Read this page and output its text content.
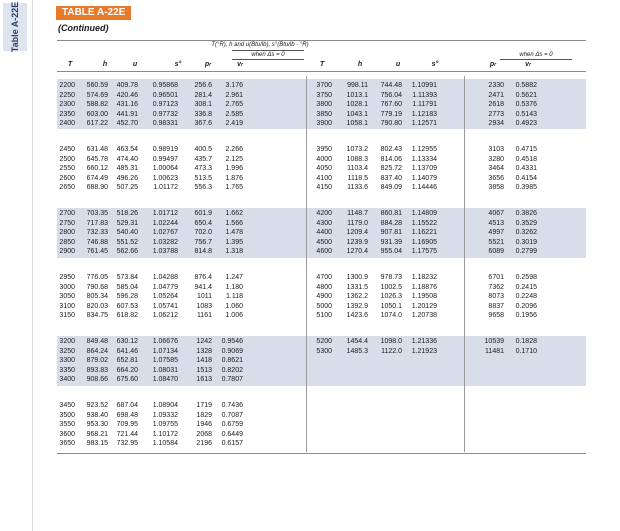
Table A-22E	TABLE A-22E
(Continued)
T(°R), h and u(Btu/lb), s°(Btu/lb · °R)
when Δs = 0	when Δs = 0
T	h	u	s°	pr	vr	T	h	u	s°	pr	vr
2200	560.59	409.78	0.95868	256.6	3.176
2250	574.69	420.46	0.96501	281.4	2.961
2300	588.82	431.16	0.97123	308.1	2.765
2350	603.00	441.91	0.97732	336.8	2.585
2400	617.22	452.70	0.98331	367.6	2.419
2450	631.48	463.54	0.98919	400.5	2.266
2500	645.78	474.40	0.99497	435.7	2.125
2550	660.12	485.31	1.00064	473.3	1.996
2600	674.49	496.26	1.00623	513.5	1.876
2650	688.90	507.25	1.01172	556.3	1.765
2700	703.35	518.26	1.01712	601.9	1.662
2750	717.83	529.31	1.02244	650.4	1.566
2800	732.33	540.40	1.02767	702.0	1.478
2850	746.88	551.52	1.03282	756.7	1.395
2900	761.45	562.66	1.03788	814.8	1.318
2950	776.05	573.84	1.04288	876.4	1.247
3000	790.68	585.04	1.04779	941.4	1.180
3050	805.34	596.28	1.05264	1011	1.118
3100	820.03	607.53	1.05741	1083	1.060
3150	834.75	618.82	1.06212	1161	1.006
3200	849.48	630.12	1.06676	1242	0.9546
3250	864.24	641.46	1.07134	1328	0.9069
3300	879.02	652.81	1.07585	1418	0.8621
3350	893.83	664.20	1.08031	1513	0.8202
3400	908.66	675.60	1.08470	1613	0.7807
3450	923.52	687.04	1.08904	1719	0.7436
3500	938.40	698.48	1.09332	1829	0.7087
3550	953.30	709.95	1.09755	1946	0.6759
3600	968.21	721.44	1.10172	2068	0.6449
3650	983.15	732.95	1.10584	2196	0.6157
3700	998.11	744.48	1.10991	2330	0.5882
3750	1013.1	756.04	1.11393	2471	0.5621
3800	1028.1	767.60	1.11791	2618	0.5376
3850	1043.1	779.19	1.12183	2773	0.5143
3900	1058.1	790.80	1.12571	2934	0.4923
3950	1073.2	802.43	1.12955	3103	0.4715
4000	1088.3	814.06	1.13334	3280	0.4518
4050	1103.4	825.72	1.13709	3464	0.4331
4100	1118.5	837.40	1.14079	3656	0.4154
4150	1133.6	849.09	1.14446	3858	0.3985
4200	1148.7	860.81	1.14809	4067	0.3826
4300	1179.0	884.28	1.15522	4513	0.3529
4400	1209.4	907.81	1.16221	4997	0.3262
4500	1239.9	931.39	1.16905	5521	0.3019
4600	1270.4	955.04	1.17575	6089	0.2799
4700	1300.9	978.73	1.18232	6701	0.2598
4800	1331.5	1002.5	1.18876	7362	0.2415
4900	1362.2	1026.3	1.19508	8073	0.2248
5000	1392.9	1050.1	1.20129	8837	0.2096
5100	1423.6	1074.0	1.20738	9658	0.1956
5200	1454.4	1098.0	1.21336	10539	0.1828
5300	1485.3	1122.0	1.21923	11481	0.1710
